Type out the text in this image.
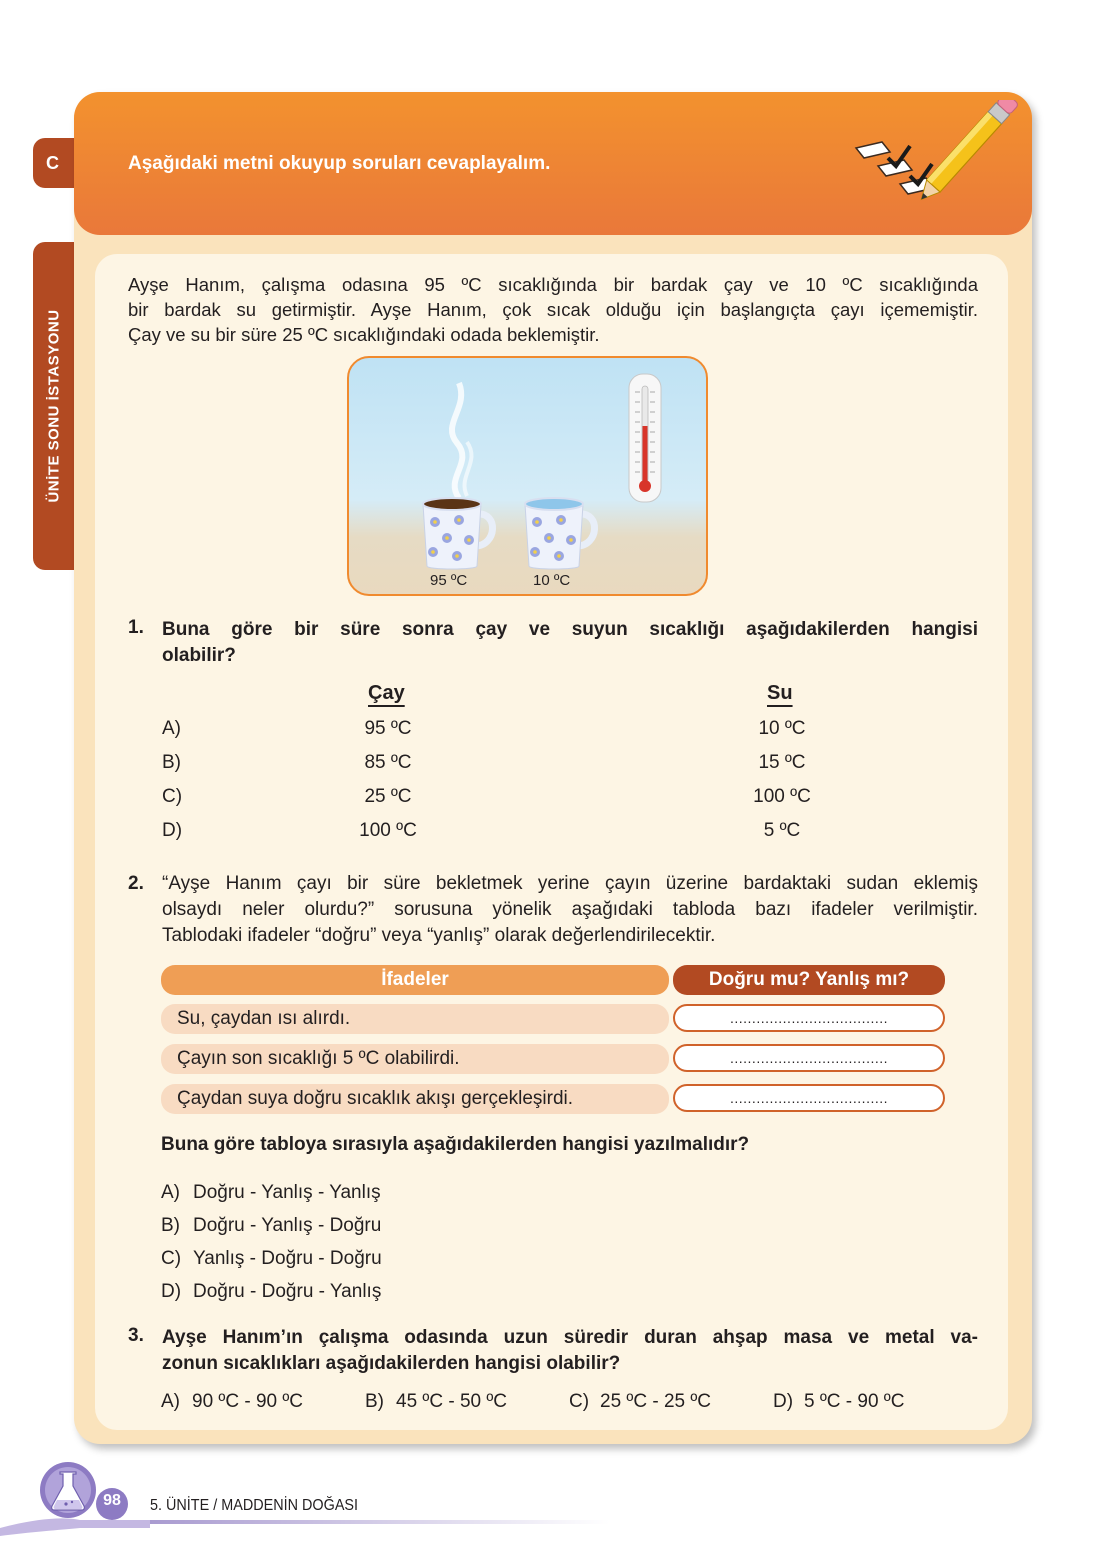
C
ÜNİTE SONU İSTASYONU
Aşağıdaki metni okuyup soruları cevaplayalım.

Ayşe Hanım, çalışma odasına 95 ºC sıcaklığında bir bardak çay ve 10 ºC sıcaklığında

bir bardak su getirmiştir. Ayşe Hanım, çok sıcak olduğu için başlangıçta çayı içememiştir.

Çay ve su bir süre 25 ºC sıcaklığındaki odada beklemiştir.

95 ºC	10 ºC
1. Buna göre bir süre sonra çay ve suyun sıcaklığı aşağıdakilerden hangisi
olabilir?
Çay	Su
A)	95 ºC	10 ºC
B)	85 ºC	15 ºC
C)	25 ºC	100 ºC
D)	100 ºC	5 ºC
2. “Ayşe Hanım çayı bir süre bekletmek yerine çayın üzerine bardaktaki sudan eklemiş
olsaydı neler olurdu?” sorusuna yönelik aşağıdaki tabloda bazı ifadeler verilmiştir.
Tablodaki ifadeler “doğru” veya “yanlış” olarak değerlendirilecektir.
İfadeler	Doğru mu? Yanlış mı?
Su, çaydan ısı alırdı.	....................................
Çayın son sıcaklığı 5 ºC olabilirdi.	....................................
Çaydan suya doğru sıcaklık akışı gerçekleşirdi.	....................................
Buna göre tabloya sırasıyla aşağıdakilerden hangisi yazılmalıdır?
A) Doğru - Yanlış - Yanlış
B) Doğru - Yanlış - Doğru
C) Yanlış - Doğru - Doğru
D) Doğru - Doğru - Yanlış
3. Ayşe Hanım’ın çalışma odasında uzun süredir duran ahşap masa ve metal va-
zonun sıcaklıkları aşağıdakilerden hangisi olabilir?
A) 90 ºC - 90 ºC	B) 45 ºC - 50 ºC	C) 25 ºC - 25 ºC	D) 5 ºC - 90 ºC
98	5. ÜNİTE / MADDENİN DOĞASI
